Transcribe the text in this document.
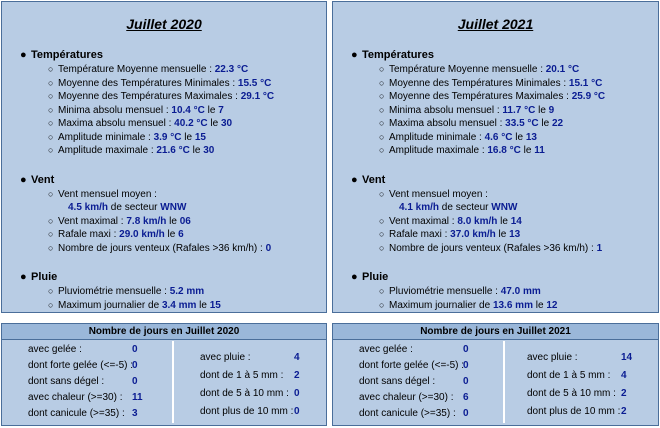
Juillet 2020
● Températures
○ Température Moyenne mensuelle : 22.3 °C
○ Moyenne des Températures Minimales : 15.5 °C
○ Moyenne des Températures Maximales : 29.1 °C
○ Minima absolu mensuel : 10.4 °C le 7
○ Maxima absolu mensuel : 40.2 °C le 30
○ Amplitude minimale : 3.9 °C le 15
○ Amplitude maximale : 21.6 °C le 30
● Vent
○ Vent mensuel moyen :
4.5 km/h de secteur WNW
○ Vent maximal : 7.8 km/h le 06
○ Rafale maxi : 29.0 km/h le 6
○ Nombre de jours venteux (Rafales >36 km/h) : 0
● Pluie
○ Pluviométrie mensuelle : 5.2 mm
○ Maximum journalier de 3.4 mm le 15
Juillet 2021
● Températures
○ Température Moyenne mensuelle : 20.1 °C
○ Moyenne des Températures Minimales : 15.1 °C
○ Moyenne des Températures Maximales : 25.9 °C
○ Minima absolu mensuel : 11.7 °C le 9
○ Maxima absolu mensuel : 33.5 °C le 22
○ Amplitude minimale : 4.6 °C le 13
○ Amplitude maximale : 16.8 °C le 11
● Vent
○ Vent mensuel moyen :
4.1 km/h de secteur WNW
○ Vent maximal : 8.0 km/h le 14
○ Rafale maxi : 37.0 km/h le 13
○ Nombre de jours venteux (Rafales >36 km/h) : 1
● Pluie
○ Pluviométrie mensuelle : 47.0 mm
○ Maximum journalier de 13.6 mm le 12
Nombre de jours en Juillet 2020
avec gelée :	0
dont forte gelée (<=-5) :
0
dont sans dégel :	0
avec chaleur (>=30) : 11
dont canicule (>=35) : 3
avec pluie :	4
dont de 1 à 5 mm : 2
dont de 5 à 10 mm : 0
dont plus de 10 mm : 0
Nombre de jours en Juillet 2021
avec gelée :	0
dont forte gelée (<=-5) :
0
dont sans dégel :	0
avec chaleur (>=30) : 6
dont canicule (>=35) : 0
avec pluie :	14
dont de 1 à 5 mm : 4
dont de 5 à 10 mm : 2
dont plus de 10 mm : 2
